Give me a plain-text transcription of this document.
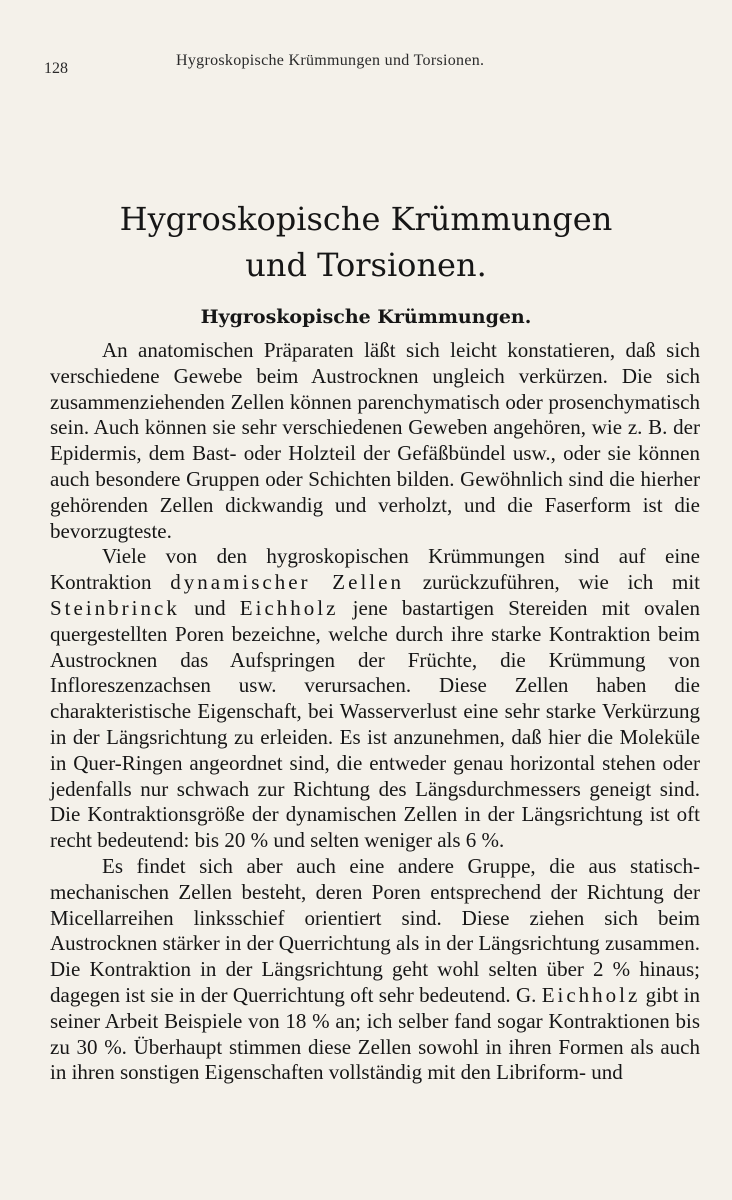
128	Hygroskopische Krümmungen und Torsionen.
Hygroskopische Krümmungen
und Torsionen.
Hygroskopische Krümmungen.

An anatomischen Präparaten läßt sich leicht konstatieren, daß sich verschiedene Gewebe beim Austrocknen ungleich verkürzen. Die sich zusammenziehenden Zellen können parenchymatisch oder prosenchymatisch sein. Auch können sie sehr verschiedenen Geweben angehören, wie z. B. der Epidermis, dem Bast- oder Holzteil der Gefäßbündel usw., oder sie können auch besondere Gruppen oder Schichten bilden. Gewöhnlich sind die hierher gehörenden Zellen dickwandig und verholzt, und die Faserform ist die bevorzugteste.

Viele von den hygroskopischen Krümmungen sind auf eine Kontraktion dynamischer Zellen zurückzuführen, wie ich mit Steinbrinck und Eichholz jene bastartigen Stereiden mit ovalen quergestellten Poren bezeichne, welche durch ihre starke Kontraktion beim Austrocknen das Aufspringen der Früchte, die Krümmung von Infloreszenzachsen usw. verursachen. Diese Zellen haben die charakteristische Eigenschaft, bei Wasserverlust eine sehr starke Verkürzung in der Längsrichtung zu erleiden. Es ist anzunehmen, daß hier die Moleküle in Quer-Ringen angeordnet sind, die entweder genau horizontal stehen oder jedenfalls nur schwach zur Richtung des Längsdurchmessers geneigt sind. Die Kontraktionsgröße der dynamischen Zellen in der Längsrichtung ist oft recht bedeutend: bis 20 % und selten weniger als 6 %.

Es findet sich aber auch eine andere Gruppe, die aus statisch-mechanischen Zellen besteht, deren Poren entsprechend der Richtung der Micellarreihen linksschief orientiert sind. Diese ziehen sich beim Austrocknen stärker in der Querrichtung als in der Längsrichtung zusammen. Die Kontraktion in der Längsrichtung geht wohl selten über 2 % hinaus; dagegen ist sie in der Querrichtung oft sehr bedeutend. G. Eichholz gibt in seiner Arbeit Beispiele von 18 % an; ich selber fand sogar Kontraktionen bis zu 30 %. Überhaupt stimmen diese Zellen sowohl in ihren Formen als auch in ihren sonstigen Eigenschaften vollständig mit den Libriform- und
